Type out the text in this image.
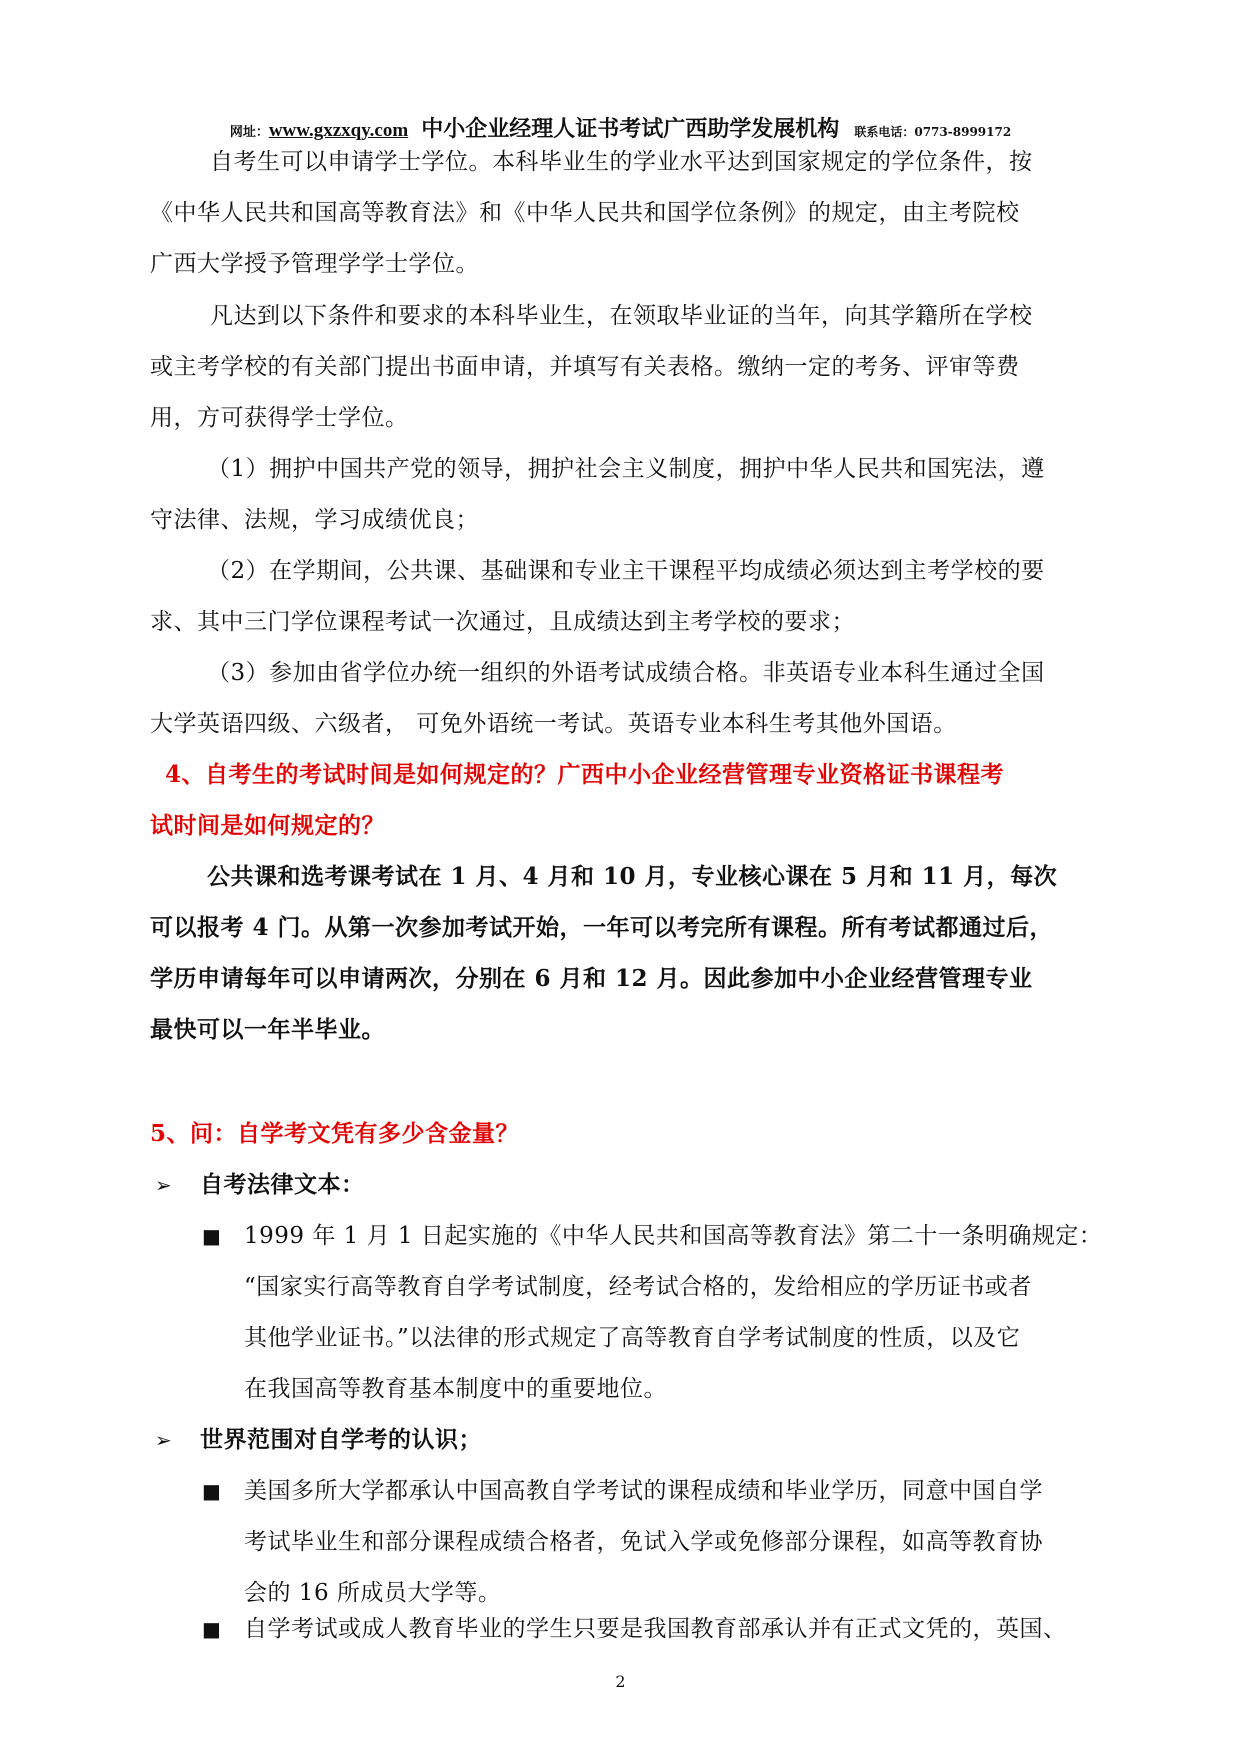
网址：www.gxzxqy.com 中小企业经理人证书考试广西助学发展机构 联系电话：0773-8999172
自考生可以申请学士学位。本科毕业生的学业水平达到国家规定的学位条件，按
《中华人民共和国高等教育法》和《中华人民共和国学位条例》的规定，由主考院校
广西大学授予管理学学士学位。
凡达到以下条件和要求的本科毕业生，在领取毕业证的当年，向其学籍所在学校
或主考学校的有关部门提出书面申请，并填写有关表格。缴纳一定的考务、评审等费
用，方可获得学士学位。
（1）拥护中国共产党的领导，拥护社会主义制度，拥护中华人民共和国宪法，遵
守法律、法规，学习成绩优良；
（2）在学期间，公共课、基础课和专业主干课程平均成绩必须达到主考学校的要
求、其中三门学位课程考试一次通过，且成绩达到主考学校的要求；
（3）参加由省学位办统一组织的外语考试成绩合格。非英语专业本科生通过全国
大学英语四级、六级者， 可免外语统一考试。英语专业本科生考其他外国语。
4、自考生的考试时间是如何规定的？广西中小企业经营管理专业资格证书课程考
试时间是如何规定的？
公共课和选考课考试在 1 月、4 月和 10 月，专业核心课在 5 月和 11 月，每次
可以报考 4 门。从第一次参加考试开始，一年可以考完所有课程。所有考试都通过后，
学历申请每年可以申请两次，分别在 6 月和 12 月。因此参加中小企业经营管理专业
最快可以一年半毕业。
5、问：自学考文凭有多少含金量？
➢ 自考法律文本：
■ 1999 年 1 月 1 日起实施的《中华人民共和国高等教育法》第二十一条明确规定：
“国家实行高等教育自学考试制度，经考试合格的，发给相应的学历证书或者
其他学业证书。”以法律的形式规定了高等教育自学考试制度的性质，以及它
在我国高等教育基本制度中的重要地位。
➢ 世界范围对自学考的认识；
■ 美国多所大学都承认中国高教自学考试的课程成绩和毕业学历，同意中国自学
考试毕业生和部分课程成绩合格者，免试入学或免修部分课程，如高等教育协
会的 16 所成员大学等。
■
2
自学考试或成人教育毕业的学生只要是我国教育部承认并有正式文凭的，英国、
